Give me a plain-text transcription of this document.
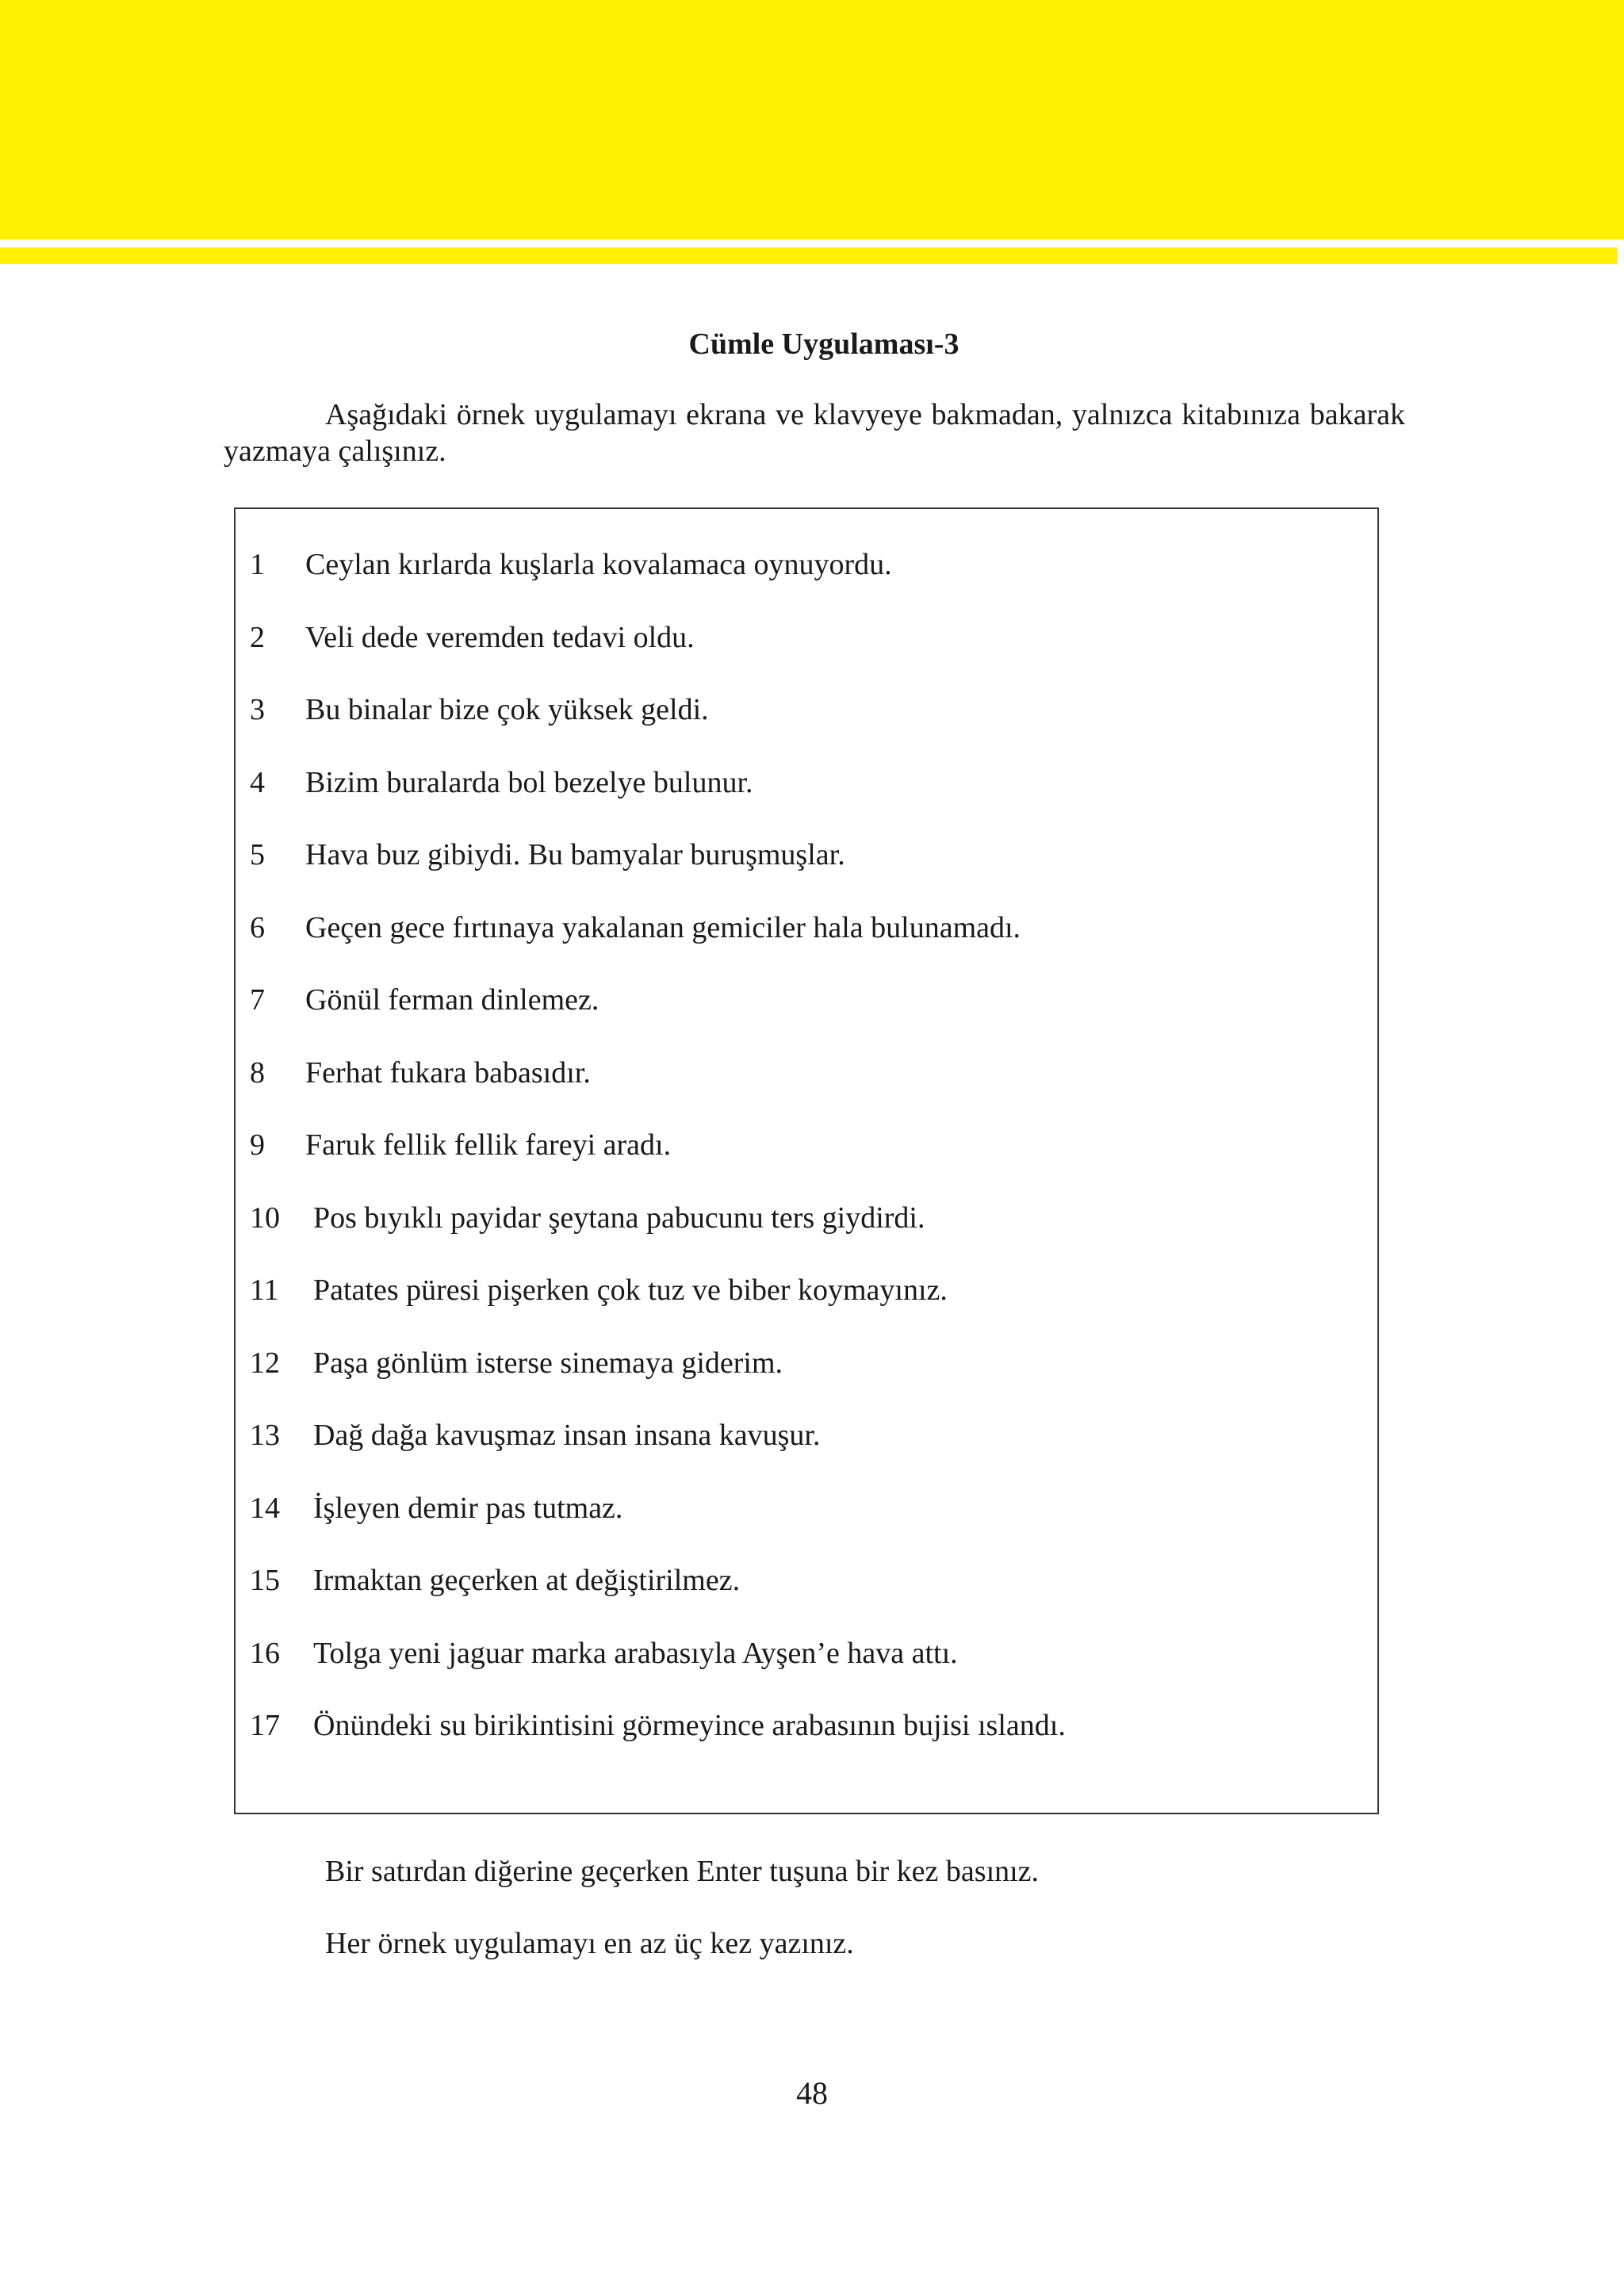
Cümle Uygulaması-3
Aşağıdaki örnek uygulamayı ekrana ve klavyeye bakmadan, yalnızca kitabınıza bakarak yazmaya çalışınız.
1 Ceylan kırlarda kuşlarla kovalamaca oynuyordu.
2 Veli dede veremden tedavi oldu.
3 Bu binalar bize çok yüksek geldi.
4 Bizim buralarda bol bezelye bulunur.
5 Hava buz gibiydi. Bu bamyalar buruşmuşlar.
6 Geçen gece fırtınaya yakalanan gemiciler hala bulunamadı.
7 Gönül ferman dinlemez.
8 Ferhat fukara babasıdır.
9 Faruk fellik fellik fareyi aradı.
10 Pos bıyıklı payidar şeytana pabucunu ters giydirdi.
11 Patates püresi pişerken çok tuz ve biber koymayınız.
12 Paşa gönlüm isterse sinemaya giderim.
13 Dağ dağa kavuşmaz insan insana kavuşur.
14 İşleyen demir pas tutmaz.
15 Irmaktan geçerken at değiştirilmez.
16 Tolga yeni jaguar marka arabasıyla Ayşen’e hava attı.
17 Önündeki su birikintisini görmeyince arabasının bujisi ıslandı.
Bir satırdan diğerine geçerken Enter tuşuna bir kez basınız.
Her örnek uygulamayı en az üç kez yazınız.
48
